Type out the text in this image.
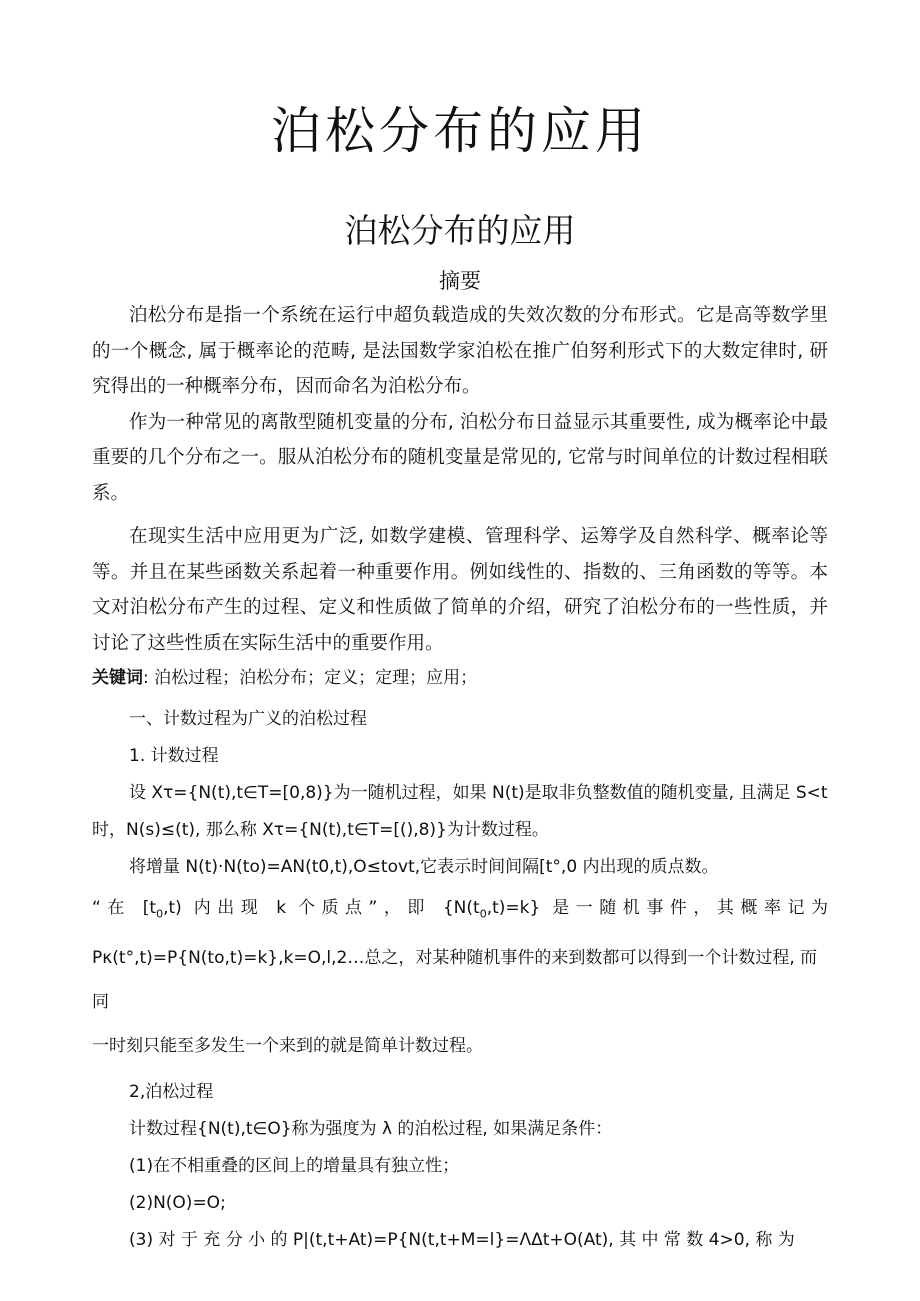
泊松分布的应用
泊松分布的应用
摘要

泊松分布是指一个系统在运行中超负载造成的失效次数的分布形式。它是高等数学里的一个概念, 属于概率论的范畴, 是法国数学家泊松在推广伯努利形式下的大数定律时, 研究得出的一种概率分布，因而命名为泊松分布。

作为一种常见的离散型随机变量的分布, 泊松分布日益显示其重要性, 成为概率论中最重要的几个分布之一。服从泊松分布的随机变量是常见的, 它常与时间单位的计数过程相联系。

在现实生活中应用更为广泛, 如数学建模、管理科学、运筹学及自然科学、概率论等等。并且在某些函数关系起着一种重要作用。例如线性的、指数的、三角函数的等等。本文对泊松分布产生的过程、定义和性质做了简单的介绍，研究了泊松分布的一些性质，并讨论了这些性质在实际生活中的重要作用。

关键词: 泊松过程；泊松分布；定义；定理；应用；

一、计数过程为广义的泊松过程

1. 计数过程

设 Xτ={N(t),t∈T=[0,8)}为一随机过程，如果 N(t)是取非负整数值的随机变量, 且满足 S<t

时，N(s)≤(t), 那么称 Xτ={N(t),t∈T=[(),8)}为计数过程。

将增量 N(t)·N(to)=AN(t0,t),O≤tovt,它表示时间间隔[t°,0 内出现的质点数。

“在 $[t_0,t)$ 内出现 k 个质点”，即 $\{N(t_0,t)=k\}$ 是一随机事件，其概率记为

Pκ(t°,t)=P{N(to,t)=k},k=O,l,2…总之，对某种随机事件的来到数都可以得到一个计数过程, 而同

一时刻只能至多发生一个来到的就是简单计数过程。

2,泊松过程

计数过程{N(t),t∈O}称为强度为 λ 的泊松过程, 如果满足条件：

(1)在不相重叠的区间上的增量具有独立性；

(2)N(O)=O;

(3) 对 于 充 分 小 的 P|(t,t+At)=P{N(t,t+M=l}=ΛΔt+O(At), 其 中 常 数 4>0, 称 为
